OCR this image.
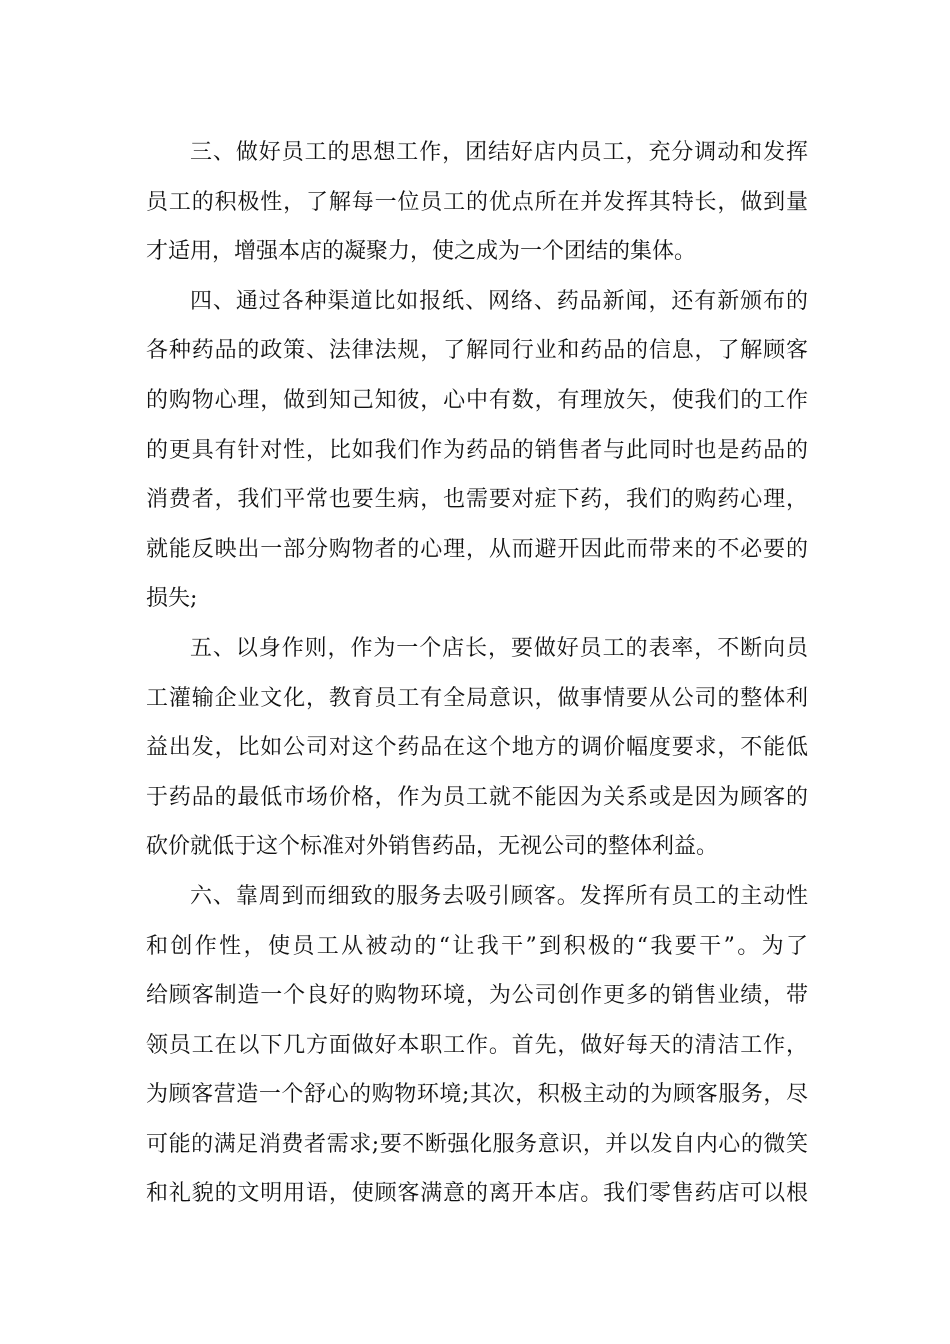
三、做好员工的思想工作，团结好店内员工，充分调动和发挥
员工的积极性，了解每一位员工的优点所在并发挥其特长，做到量
才适用，增强本店的凝聚力，使之成为一个团结的集体。
四、通过各种渠道比如报纸、网络、药品新闻，还有新颁布的
各种药品的政策、法律法规，了解同行业和药品的信息，了解顾客
的购物心理，做到知己知彼，心中有数，有理放矢，使我们的工作
的更具有针对性，比如我们作为药品的销售者与此同时也是药品的
消费者，我们平常也要生病，也需要对症下药，我们的购药心理，
就能反映出一部分购物者的心理，从而避开因此而带来的不必要的
损失;
五、以身作则，作为一个店长，要做好员工的表率，不断向员
工灌输企业文化，教育员工有全局意识，做事情要从公司的整体利
益出发，比如公司对这个药品在这个地方的调价幅度要求，不能低
于药品的最低市场价格，作为员工就不能因为关系或是因为顾客的
砍价就低于这个标准对外销售药品，无视公司的整体利益。
六、靠周到而细致的服务去吸引顾客。发挥所有员工的主动性
和创作性，使员工从被动的“让我干”到积极的“我要干”。为了
给顾客制造一个良好的购物环境，为公司创作更多的销售业绩，带
领员工在以下几方面做好本职工作。首先，做好每天的清洁工作，
为顾客营造一个舒心的购物环境;其次，积极主动的为顾客服务，尽
可能的满足消费者需求;要不断强化服务意识，并以发自内心的微笑
和礼貌的文明用语，使顾客满意的离开本店。我们零售药店可以根
